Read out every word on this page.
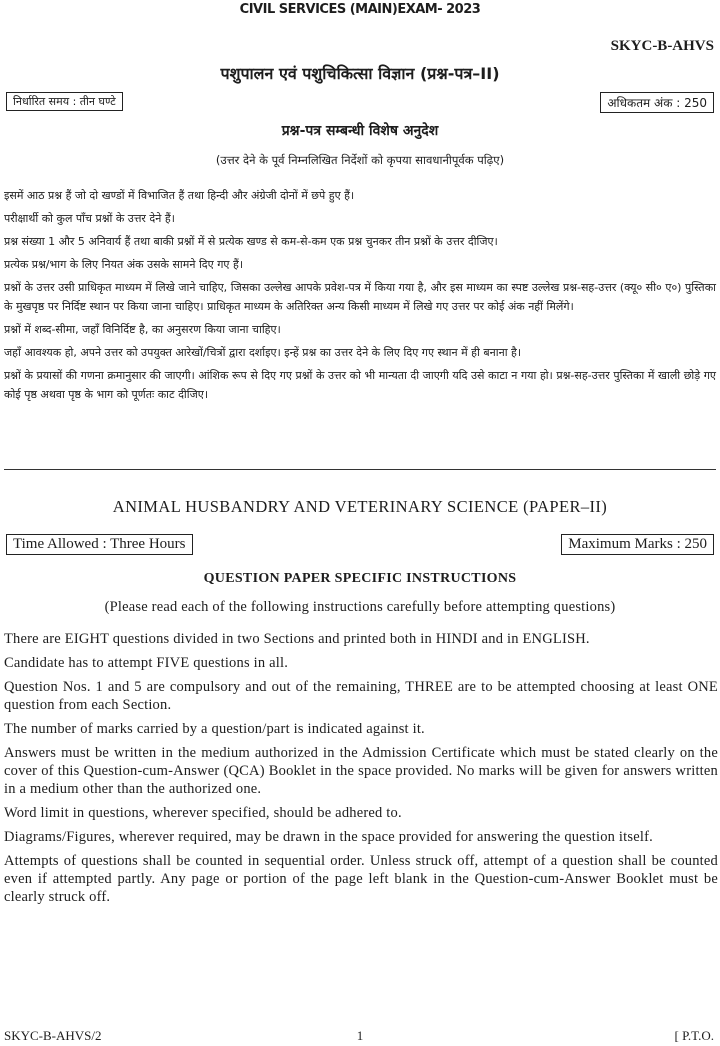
CIVIL SERVICES (MAIN)EXAM- 2023
SKYC-B-AHVS
पशुपालन एवं पशुचिकित्सा विज्ञान (प्रश्न-पत्र–II)
निर्धारित समय : तीन घण्टे	अधिकतम अंक : 250
प्रश्न-पत्र सम्बन्धी विशेष अनुदेश
(उत्तर देने के पूर्व निम्नलिखित निर्देशों को कृपया सावधानीपूर्वक पढ़िए)
इसमें आठ प्रश्न हैं जो दो खण्डों में विभाजित हैं तथा हिन्दी और अंग्रेजी दोनों में छपे हुए हैं।
परीक्षार्थी को कुल पाँच प्रश्नों के उत्तर देने हैं।
प्रश्न संख्या 1 और 5 अनिवार्य हैं तथा बाकी प्रश्नों में से प्रत्येक खण्ड से कम-से-कम एक प्रश्न चुनकर तीन प्रश्नों के उत्तर दीजिए।
प्रत्येक प्रश्न/भाग के लिए नियत अंक उसके सामने दिए गए हैं।
प्रश्नों के उत्तर उसी प्राधिकृत माध्यम में लिखे जाने चाहिए, जिसका उल्लेख आपके प्रवेश-पत्र में किया गया है, और इस माध्यम का स्पष्ट उल्लेख प्रश्न-सह-उत्तर (क्यू० सी० ए०) पुस्तिका के मुखपृष्ठ पर निर्दिष्ट स्थान पर किया जाना चाहिए। प्राधिकृत माध्यम के अतिरिक्त अन्य किसी माध्यम में लिखे गए उत्तर पर कोई अंक नहीं मिलेंगे।
प्रश्नों में शब्द-सीमा, जहाँ विनिर्दिष्ट है, का अनुसरण किया जाना चाहिए।
जहाँ आवश्यक हो, अपने उत्तर को उपयुक्त आरेखों/चित्रों द्वारा दर्शाइए। इन्हें प्रश्न का उत्तर देने के लिए दिए गए स्थान में ही बनाना है।
प्रश्नों के प्रयासों की गणना क्रमानुसार की जाएगी। आंशिक रूप से दिए गए प्रश्नों के उत्तर को भी मान्यता दी जाएगी यदि उसे काटा न गया हो। प्रश्न-सह-उत्तर पुस्तिका में खाली छोड़े गए कोई पृष्ठ अथवा पृष्ठ के भाग को पूर्णतः काट दीजिए।
ANIMAL HUSBANDRY AND VETERINARY SCIENCE (PAPER–II)
Time Allowed : Three Hours	Maximum Marks : 250
QUESTION PAPER SPECIFIC INSTRUCTIONS
(Please read each of the following instructions carefully before attempting questions)
There are EIGHT questions divided in two Sections and printed both in HINDI and in ENGLISH.
Candidate has to attempt FIVE questions in all.
Question Nos. 1 and 5 are compulsory and out of the remaining, THREE are to be attempted choosing at least ONE question from each Section.
The number of marks carried by a question/part is indicated against it.
Answers must be written in the medium authorized in the Admission Certificate which must be stated clearly on the cover of this Question-cum-Answer (QCA) Booklet in the space provided. No marks will be given for answers written in a medium other than the authorized one.
Word limit in questions, wherever specified, should be adhered to.
Diagrams/Figures, wherever required, may be drawn in the space provided for answering the question itself.
Attempts of questions shall be counted in sequential order. Unless struck off, attempt of a question shall be counted even if attempted partly. Any page or portion of the page left blank in the Question-cum-Answer Booklet must be clearly struck off.
SKYC-B-AHVS/2	1	[ P.T.O.
